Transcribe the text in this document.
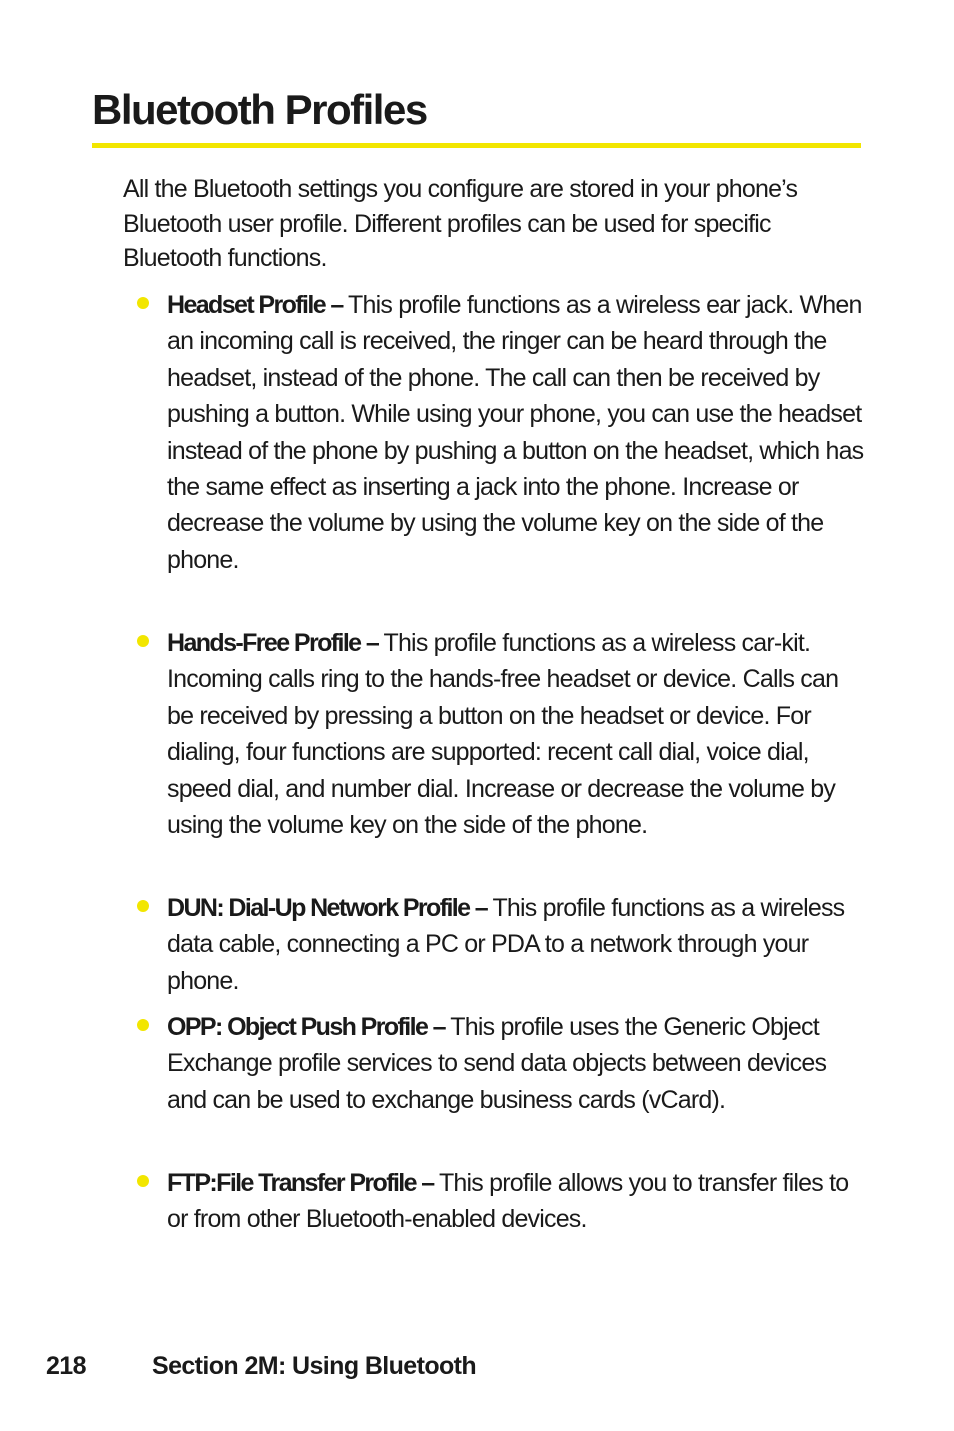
Bluetooth Profiles

All the Bluetooth settings you configure are stored in your phone’s Bluetooth user profile. Different profiles can be used for specific Bluetooth functions.

Headset Profile – This profile functions as a wireless ear jack. When an incoming call is received, the ringer can be heard through the headset, instead of the phone. The call can then be received by pushing a button. While using your phone, you can use the headset instead of the phone by pushing a button on the headset, which has the same effect as inserting a jack into the phone. Increase or decrease the volume by using the volume key on the side of the phone.
Hands-Free Profile – This profile functions as a wireless car-kit. Incoming calls ring to the hands-free headset or device. Calls can be received by pressing a button on the headset or device. For dialing, four functions are supported: recent call dial, voice dial, speed dial, and number dial. Increase or decrease the volume by using the volume key on the side of the phone.
DUN: Dial-Up Network Profile – This profile functions as a wireless data cable, connecting a PC or PDA to a network through your phone.
OPP: Object Push Profile – This profile uses the Generic Object Exchange profile services to send data objects between devices and can be used to exchange business cards (vCard).
FTP:File Transfer Profile – This profile allows you to transfer files to or from other Bluetooth-enabled devices.
218	Section 2M: Using Bluetooth
